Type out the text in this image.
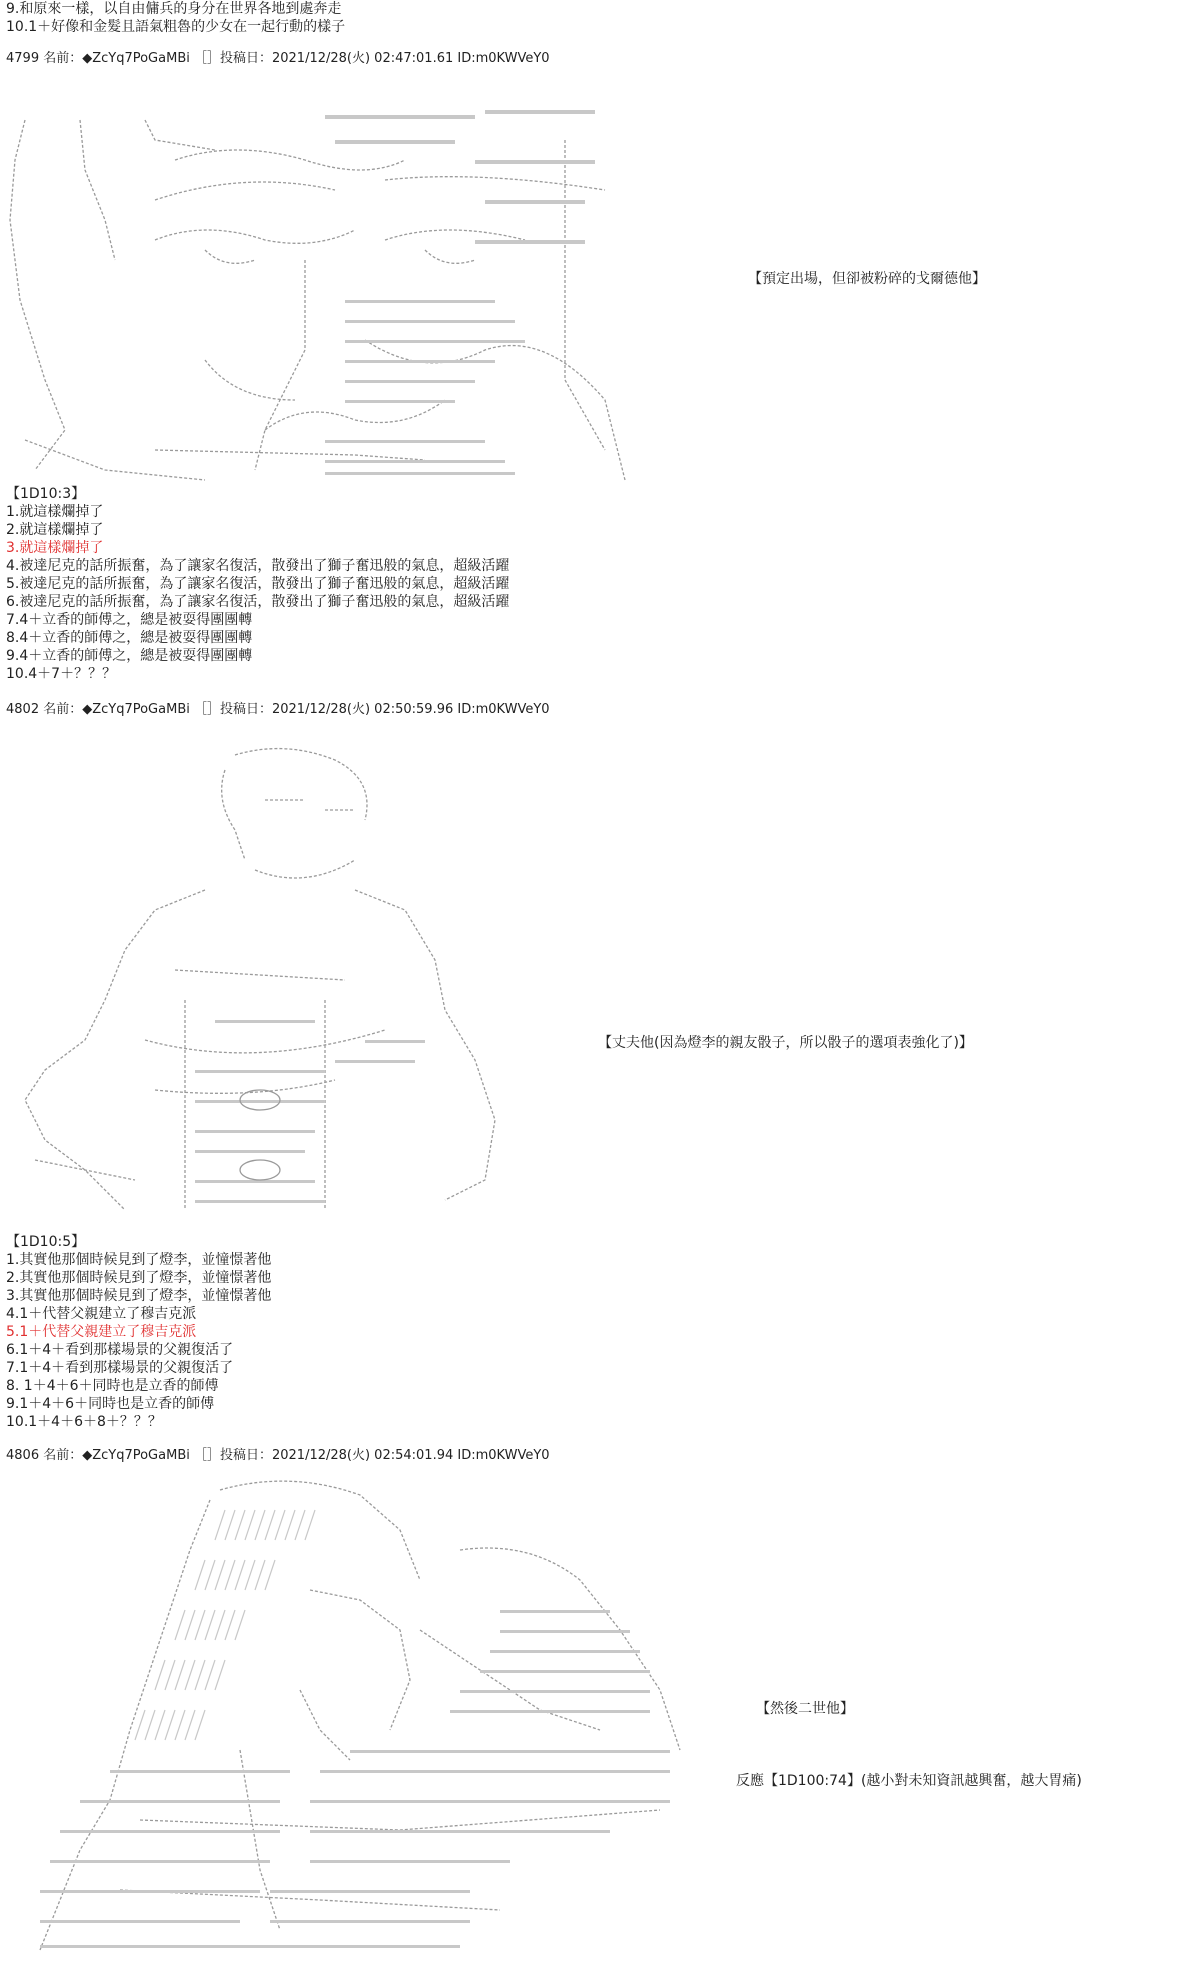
9.和原來一樣，以自由傭兵的身分在世界各地到處奔走
10.1＋好像和金髮且語氣粗魯的少女在一起行動的樣子
4799 名前：◆ZcYq7PoGaMBi ［］投稿日：2021/12/28(火) 02:47:01.61 ID:m0KWVeY0
【預定出場，但卻被粉碎的戈爾德他】
【1D10:3】
1.就這樣爛掉了
2.就這樣爛掉了
3.就這樣爛掉了
4.被達尼克的話所振奮，為了讓家名復活，散發出了獅子奮迅般的氣息，超級活躍
5.被達尼克的話所振奮，為了讓家名復活，散發出了獅子奮迅般的氣息，超級活躍
6.被達尼克的話所振奮，為了讓家名復活，散發出了獅子奮迅般的氣息，超級活躍
7.4＋立香的師傅之，總是被耍得團團轉
8.4＋立香的師傅之，總是被耍得團團轉
9.4＋立香的師傅之，總是被耍得團團轉
10.4＋7＋？？？
4802 名前：◆ZcYq7PoGaMBi ［］投稿日：2021/12/28(火) 02:50:59.96 ID:m0KWVeY0
【丈夫他(因為燈李的親友骰子，所以骰子的選項表強化了)】
【1D10:5】
1.其實他那個時候見到了燈李，並憧憬著他
2.其實他那個時候見到了燈李，並憧憬著他
3.其實他那個時候見到了燈李，並憧憬著他
4.1＋代替父親建立了穆吉克派
5.1＋代替父親建立了穆吉克派
6.1＋4＋看到那樣場景的父親復活了
7.1＋4＋看到那樣場景的父親復活了
8. 1＋4＋6＋同時也是立香的師傅
9.1＋4＋6＋同時也是立香的師傅
10.1＋4＋6＋8＋？？？
4806 名前：◆ZcYq7PoGaMBi ［］投稿日：2021/12/28(火) 02:54:01.94 ID:m0KWVeY0
【然後二世他】
反應【1D100:74】(越小對未知資訊越興奮，越大胃痛)
